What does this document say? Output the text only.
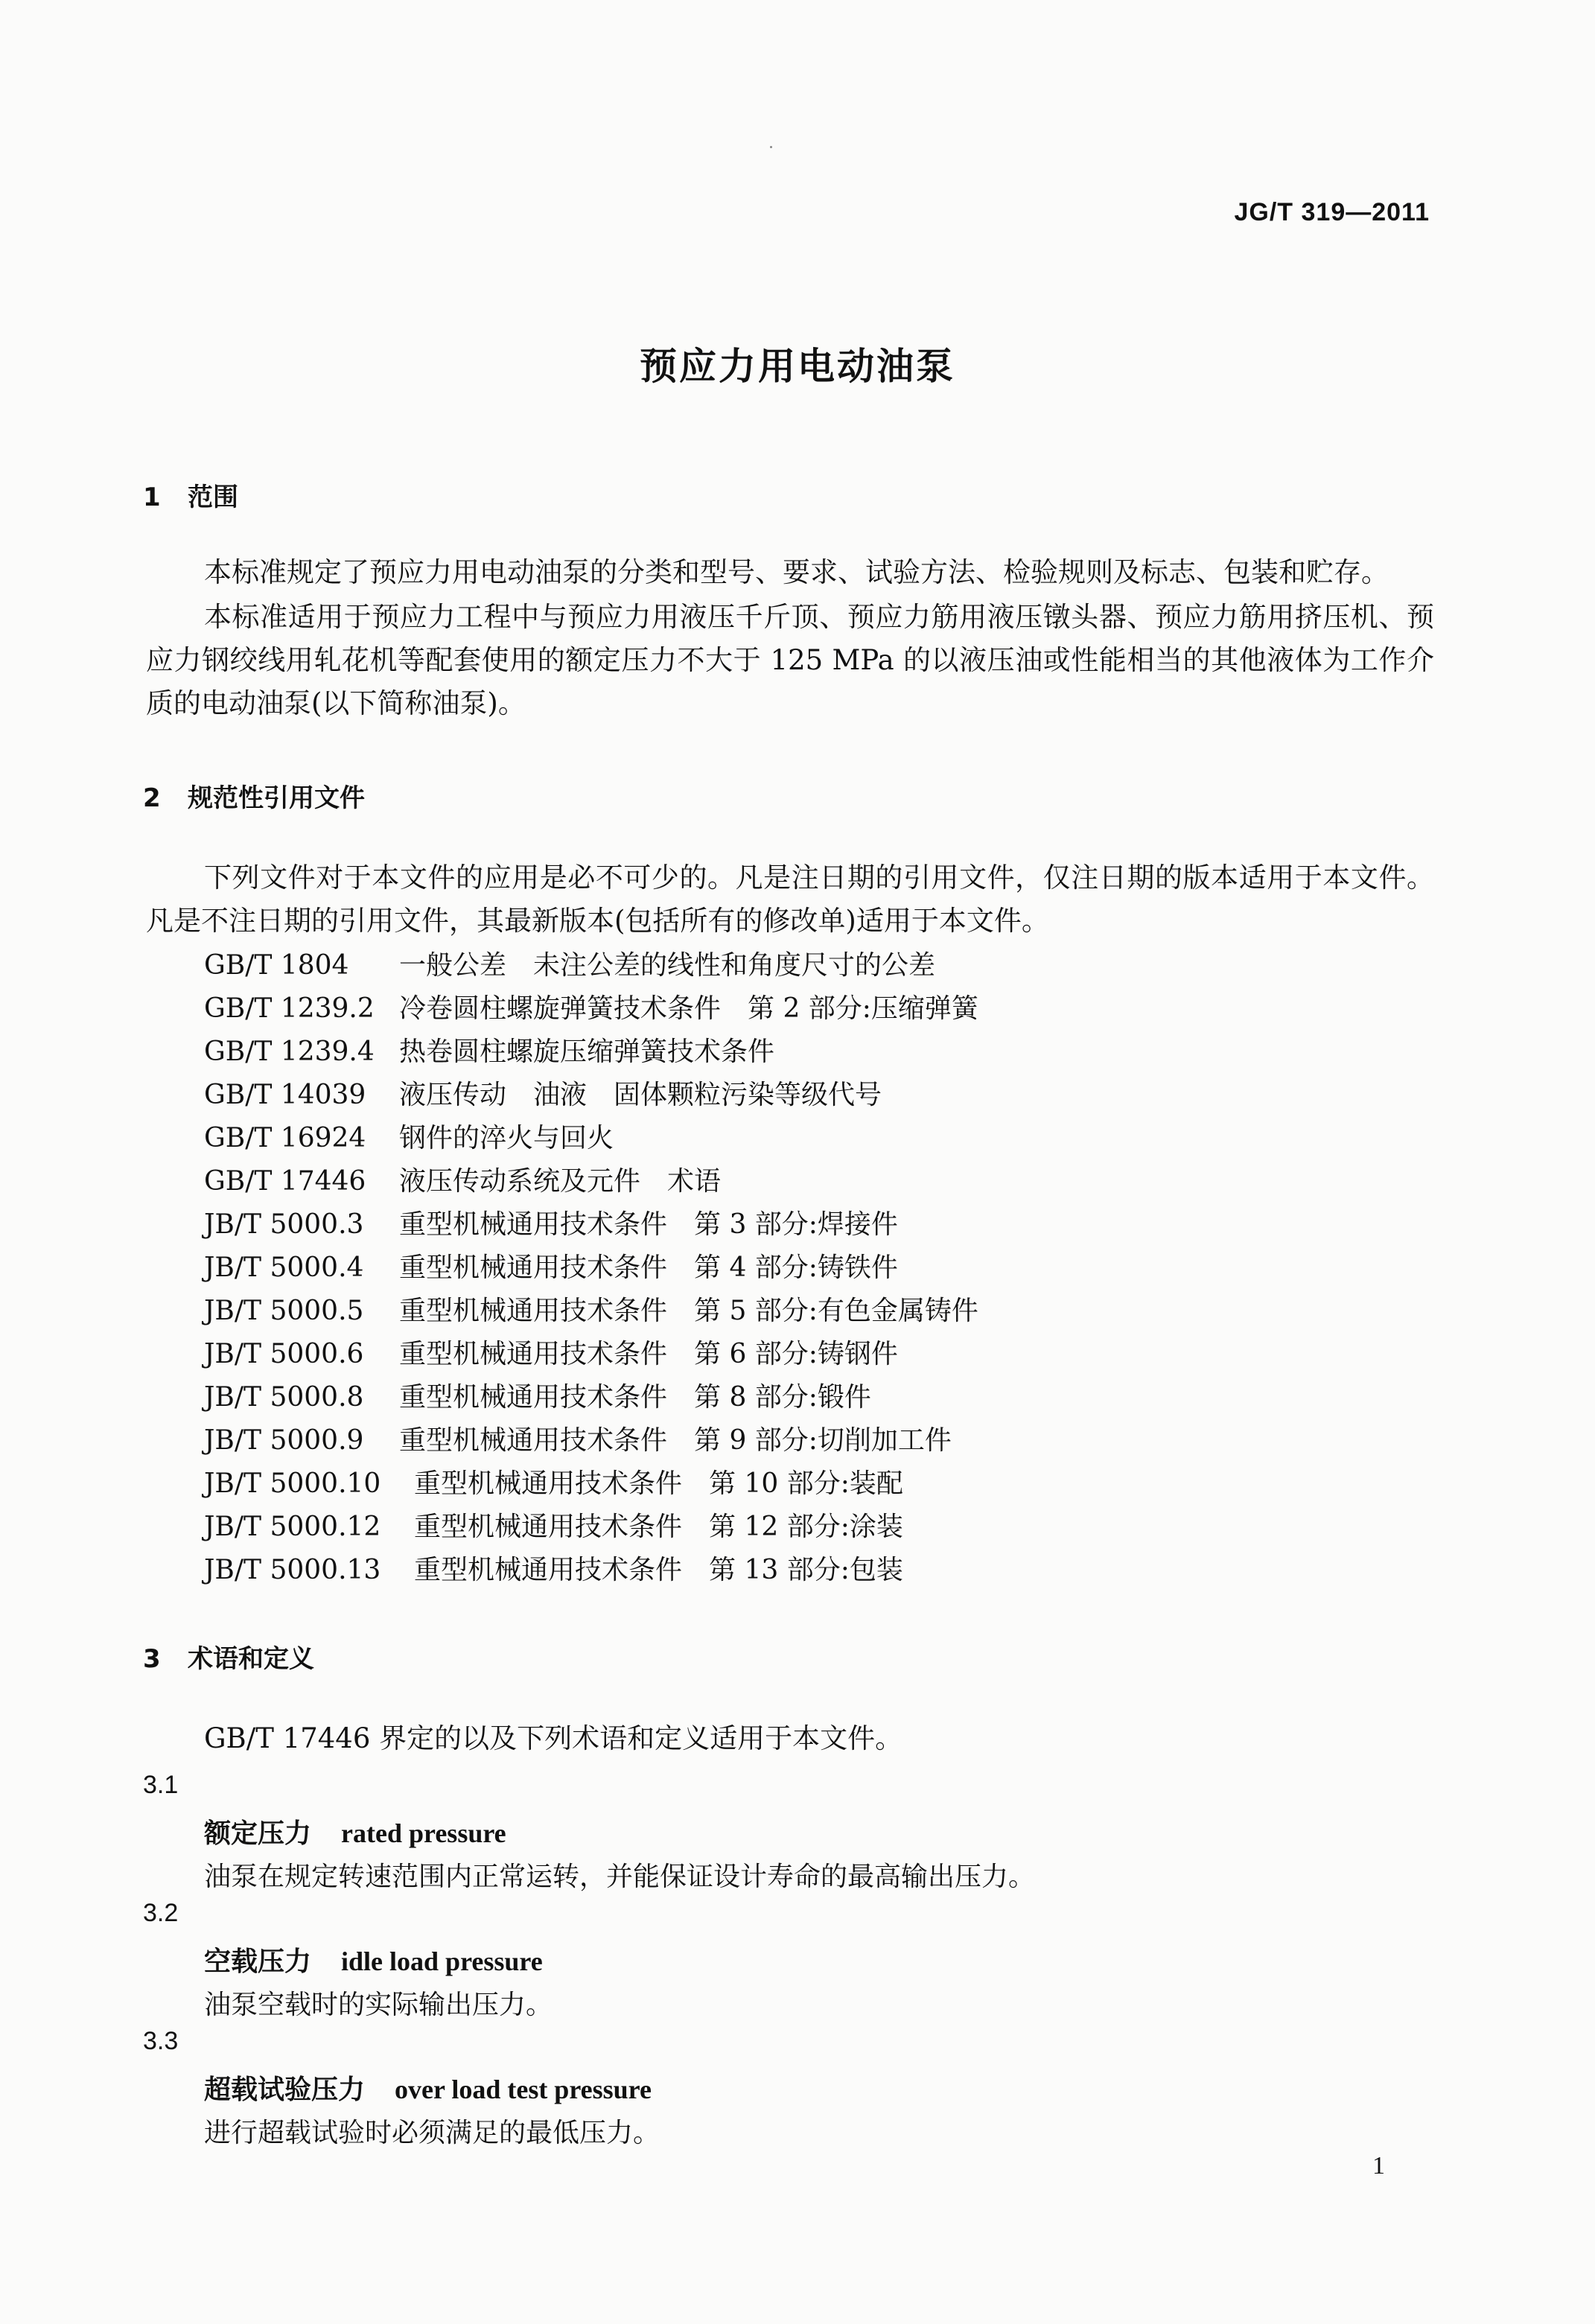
JG/T 319—2011
预应力用电动油泵
1 范围
本标准规定了预应力用电动油泵的分类和型号、要求、试验方法、检验规则及标志、包装和贮存。
本标准适用于预应力工程中与预应力用液压千斤顶、预应力筋用液压镦头器、预应力筋用挤压机、预应力钢绞线用轧花机等配套使用的额定压力不大于 125 MPa 的以液压油或性能相当的其他液体为工作介质的电动油泵(以下简称油泵)。
2 规范性引用文件
下列文件对于本文件的应用是必不可少的。凡是注日期的引用文件，仅注日期的版本适用于本文件。凡是不注日期的引用文件，其最新版本(包括所有的修改单)适用于本文件。
GB/T 1804 一般公差　未注公差的线性和角度尺寸的公差
GB/T 1239.2 冷卷圆柱螺旋弹簧技术条件　第 2 部分:压缩弹簧
GB/T 1239.4 热卷圆柱螺旋压缩弹簧技术条件
GB/T 14039 液压传动　油液　固体颗粒污染等级代号
GB/T 16924 钢件的淬火与回火
GB/T 17446 液压传动系统及元件　术语
JB/T 5000.3 重型机械通用技术条件　第 3 部分:焊接件
JB/T 5000.4 重型机械通用技术条件　第 4 部分:铸铁件
JB/T 5000.5 重型机械通用技术条件　第 5 部分:有色金属铸件
JB/T 5000.6 重型机械通用技术条件　第 6 部分:铸钢件
JB/T 5000.8 重型机械通用技术条件　第 8 部分:锻件
JB/T 5000.9 重型机械通用技术条件　第 9 部分:切削加工件
JB/T 5000.10 重型机械通用技术条件　第 10 部分:装配
JB/T 5000.12 重型机械通用技术条件　第 12 部分:涂装
JB/T 5000.13 重型机械通用技术条件　第 13 部分:包装
3 术语和定义
GB/T 17446 界定的以及下列术语和定义适用于本文件。
3.1
额定压力 rated pressure
油泵在规定转速范围内正常运转，并能保证设计寿命的最高输出压力。
3.2
空载压力 idle load pressure
油泵空载时的实际输出压力。
3.3
超载试验压力 over load test pressure
进行超载试验时必须满足的最低压力。
1
